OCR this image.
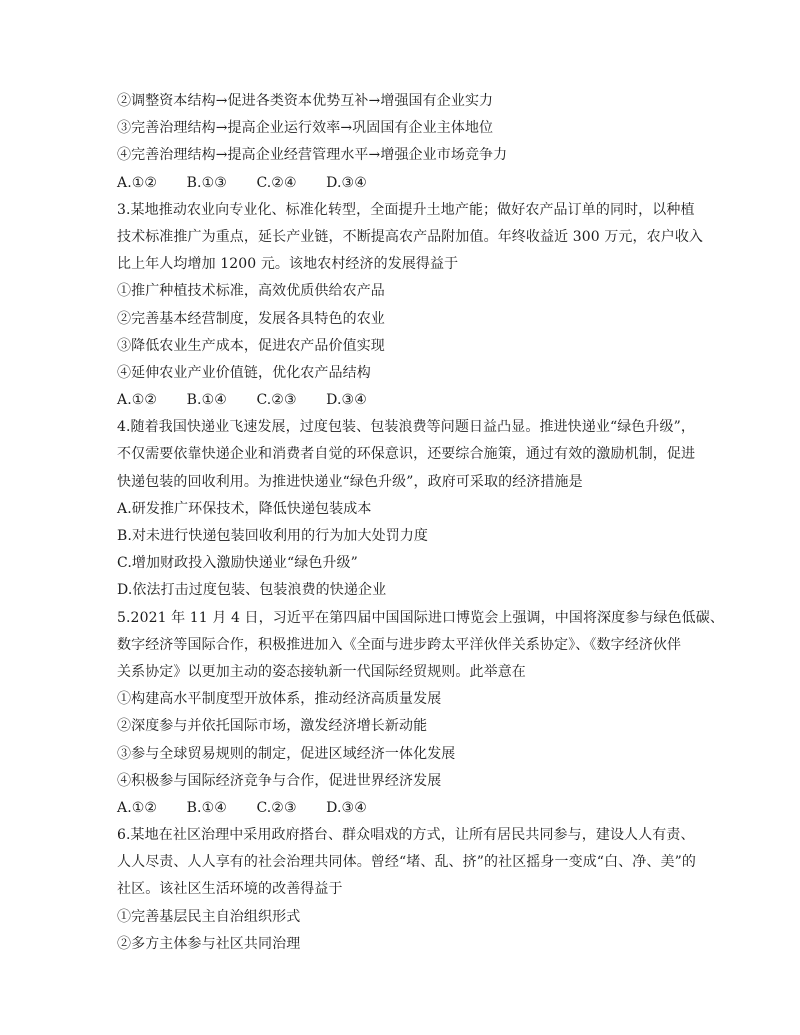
②调整资本结构→促进各类资本优势互补→增强国有企业实力
③完善治理结构→提高企业运行效率→巩固国有企业主体地位
④完善治理结构→提高企业经营管理水平→增强企业市场竞争力
A.①② B.①③ C.②④ D.③④
3.某地推动农业向专业化、标准化转型，全面提升土地产能；做好农产品订单的同时，以种植
技术标准推广为重点，延长产业链，不断提高农产品附加值。年终收益近 300 万元，农户收入
比上年人均增加 1200 元。该地农村经济的发展得益于
①推广种植技术标准，高效优质供给农产品
②完善基本经营制度，发展各具特色的农业
③降低农业生产成本，促进农产品价值实现
④延伸农业产业价值链，优化农产品结构
A.①② B.①④ C.②③ D.③④
4.随着我国快递业飞速发展，过度包装、包装浪费等问题日益凸显。推进快递业“绿色升级”，
不仅需要依靠快递企业和消费者自觉的环保意识，还要综合施策，通过有效的激励机制，促进
快递包装的回收利用。为推进快递业“绿色升级”，政府可采取的经济措施是
A.研发推广环保技术，降低快递包装成本
B.对未进行快递包装回收利用的行为加大处罚力度
C.增加财政投入激励快递业“绿色升级”
D.依法打击过度包装、包装浪费的快递企业
5.2021 年 11 月 4 日，习近平在第四届中国国际进口博览会上强调，中国将深度参与绿色低碳、
数字经济等国际合作，积极推进加入《全面与进步跨太平洋伙伴关系协定》、《数字经济伙伴
关系协定》以更加主动的姿态接轨新一代国际经贸规则。此举意在
①构建高水平制度型开放体系，推动经济高质量发展
②深度参与并依托国际市场，激发经济增长新动能
③参与全球贸易规则的制定，促进区域经济一体化发展
④积极参与国际经济竞争与合作，促进世界经济发展
A.①② B.①④ C.②③ D.③④
6.某地在社区治理中采用政府搭台、群众唱戏的方式，让所有居民共同参与，建设人人有责、
人人尽责、人人享有的社会治理共同体。曾经“堵、乱、挤”的社区摇身一变成“白、净、美”的
社区。该社区生活环境的改善得益于
①完善基层民主自治组织形式
②多方主体参与社区共同治理
